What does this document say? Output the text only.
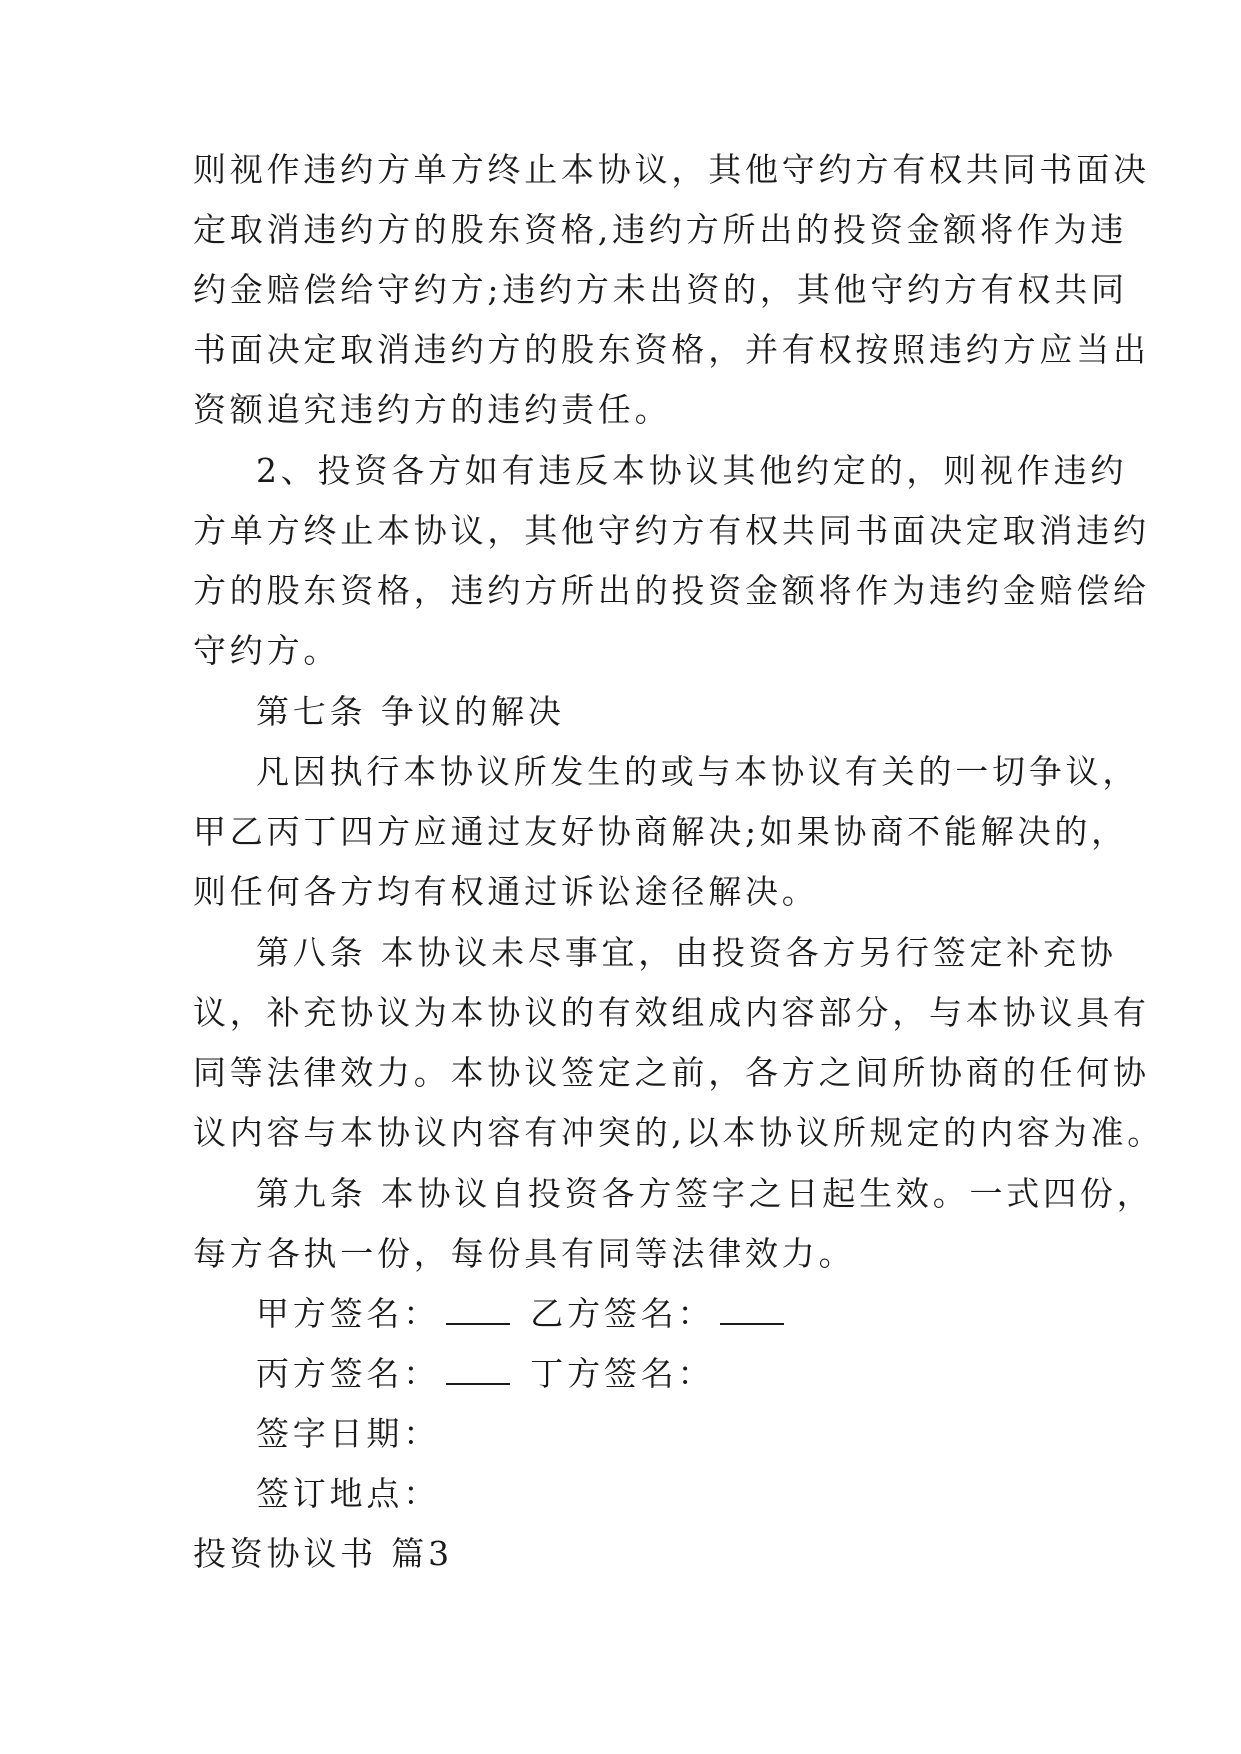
则视作违约方单方终止本协议，其他守约方有权共同书面决
定取消违约方的股东资格,违约方所出的投资金额将作为违
约金赔偿给守约方;违约方未出资的，其他守约方有权共同
书面决定取消违约方的股东资格，并有权按照违约方应当出
资额追究违约方的违约责任。
2、投资各方如有违反本协议其他约定的，则视作违约
方单方终止本协议，其他守约方有权共同书面决定取消违约
方的股东资格，违约方所出的投资金额将作为违约金赔偿给
守约方。
第七条 争议的解决
凡因执行本协议所发生的或与本协议有关的一切争议，
甲乙丙丁四方应通过友好协商解决;如果协商不能解决的，
则任何各方均有权通过诉讼途径解决。
第八条 本协议未尽事宜，由投资各方另行签定补充协
议，补充协议为本协议的有效组成内容部分，与本协议具有
同等法律效力。本协议签定之前，各方之间所协商的任何协
议内容与本协议内容有冲突的,以本协议所规定的内容为准。
第九条 本协议自投资各方签字之日起生效。一式四份，
每方各执一份，每份具有同等法律效力。
甲方签名：	乙方签名：
丙方签名：	丁方签名：
签字日期：
签订地点：
投资协议书 篇3
